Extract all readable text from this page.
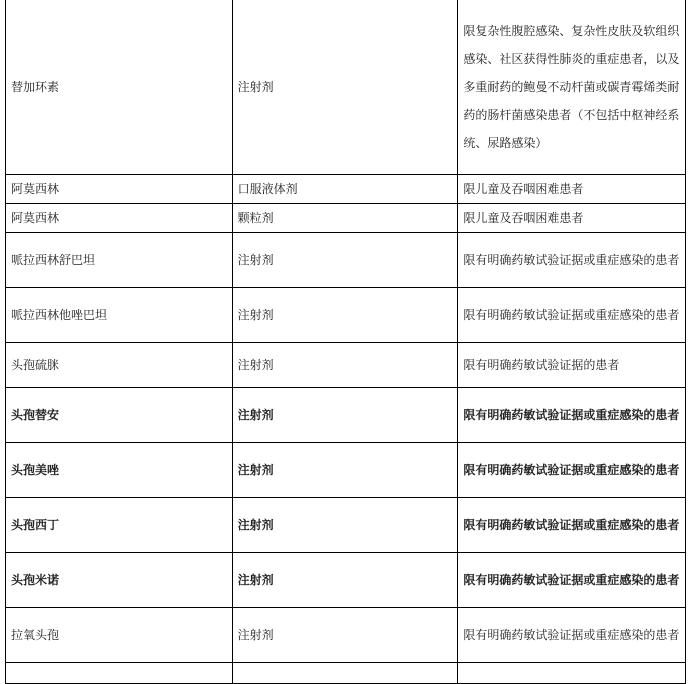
替加环素	注射剂	限复杂性腹腔感染、复杂性皮肤及软组织感染、社区获得性肺炎的重症患者，以及多重耐药的鲍曼不动杆菌或碳青霉烯类耐药的肠杆菌感染患者（不包括中枢神经系统、尿路感染）
阿莫西林	口服液体剂	限儿童及吞咽困难患者
阿莫西林	颗粒剂	限儿童及吞咽困难患者
哌拉西林舒巴坦	注射剂	限有明确药敏试验证据或重症感染的患者
哌拉西林他唑巴坦	注射剂	限有明确药敏试验证据或重症感染的患者
头孢硫脒	注射剂	限有明确药敏试验证据的患者
头孢替安	注射剂	限有明确药敏试验证据或重症感染的患者
头孢美唑	注射剂	限有明确药敏试验证据或重症感染的患者
头孢西丁	注射剂	限有明确药敏试验证据或重症感染的患者
头孢米诺	注射剂	限有明确药敏试验证据或重症感染的患者
拉氧头孢	注射剂	限有明确药敏试验证据或重症感染的患者
